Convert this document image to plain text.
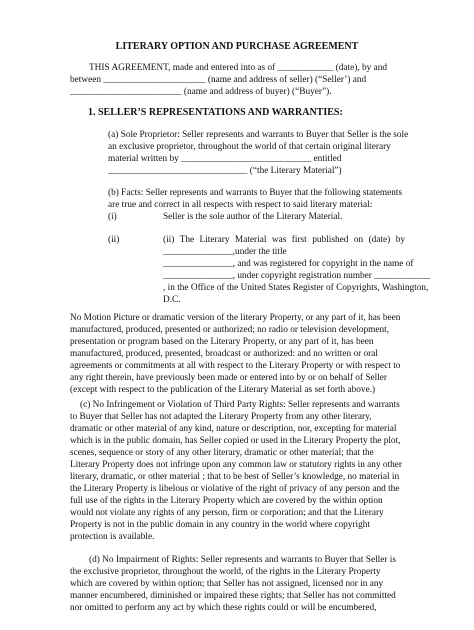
LITERARY OPTION AND PURCHASE AGREEMENT
THIS AGREEMENT, made and entered into as of ____________ (date), by and
between ______________________ (name and address of seller) (“Seller’) and
________________________ (name and address of buyer) (“Buyer”).
1. SELLER’S REPRESENTATIONS AND WARRANTIES:
(a) Sole Proprietor: Seller represents and warrants to Buyer that Seller is the sole
an exclusive proprietor, throughout the world of that certain original literary
material written by ____________________________ entitled
______________________________ (“the Literary Material”)
(b) Facts: Seller represents and warrants to Buyer that the following statements
are true and correct in all respects with respect to said literary material:
(i)	Seller is the sole author of the Literary Material.
(ii)	(ii) The Literary Material was first published on (date) by
_______________,under the title
_______________, and was registered for copyright in the name of
_______________, under copyright registration number ____________
, in the Office of the United States Register of Copyrights, Washington,
D.C.
No Motion Picture or dramatic version of the literary Property, or any part of it, has been
manufactured, produced, presented or authorized; no radio or television development,
presentation or program based on the Literary Property, or any part of it, has been
manufactured, produced, presented, broadcast or authorized: and no written or oral
agreements or commitments at all with respect to the Literary Property or with respect to
any right therein, have previously been made or entered into by or on behalf of Seller
(except with respect to the publication of the Literary Material as set forth above.)
(c) No Infringement or Violation of Third Party Rights: Seller represents and warrants
to Buyer that Seller has not adapted the Literary Property from any other literary,
dramatic or other material of any kind, nature or description, nor, excepting for material
which is in the public domain, has Seller copied or used in the Literary Property the plot,
scenes, sequence or story of any other literary, dramatic or other material; that the
Literary Property does not infringe upon any common law or statutory rights in any other
literary, dramatic, or other material ; that to be best of Seller’s knowledge, no material in
the Literary Property is libelous or violative of the right of privacy of any person and the
full use of the rights in the Literary Property which are covered by the within option
would not violate any rights of any person, firm or corporation; and that the Literary
Property is not in the public domain in any country in the world where copyright
protection is available.
(d) No Impairment of Rights: Seller represents and warrants to Buyer that Seller is
the exclusive proprietor, throughout the world, of the rights in the Literary Property
which are covered by within option; that Seller has not assigned, licensed nor in any
manner encumbered, diminished or impaired these rights; that Seller has not committed
nor omitted to perform any act by which these rights could or will be encumbered,
